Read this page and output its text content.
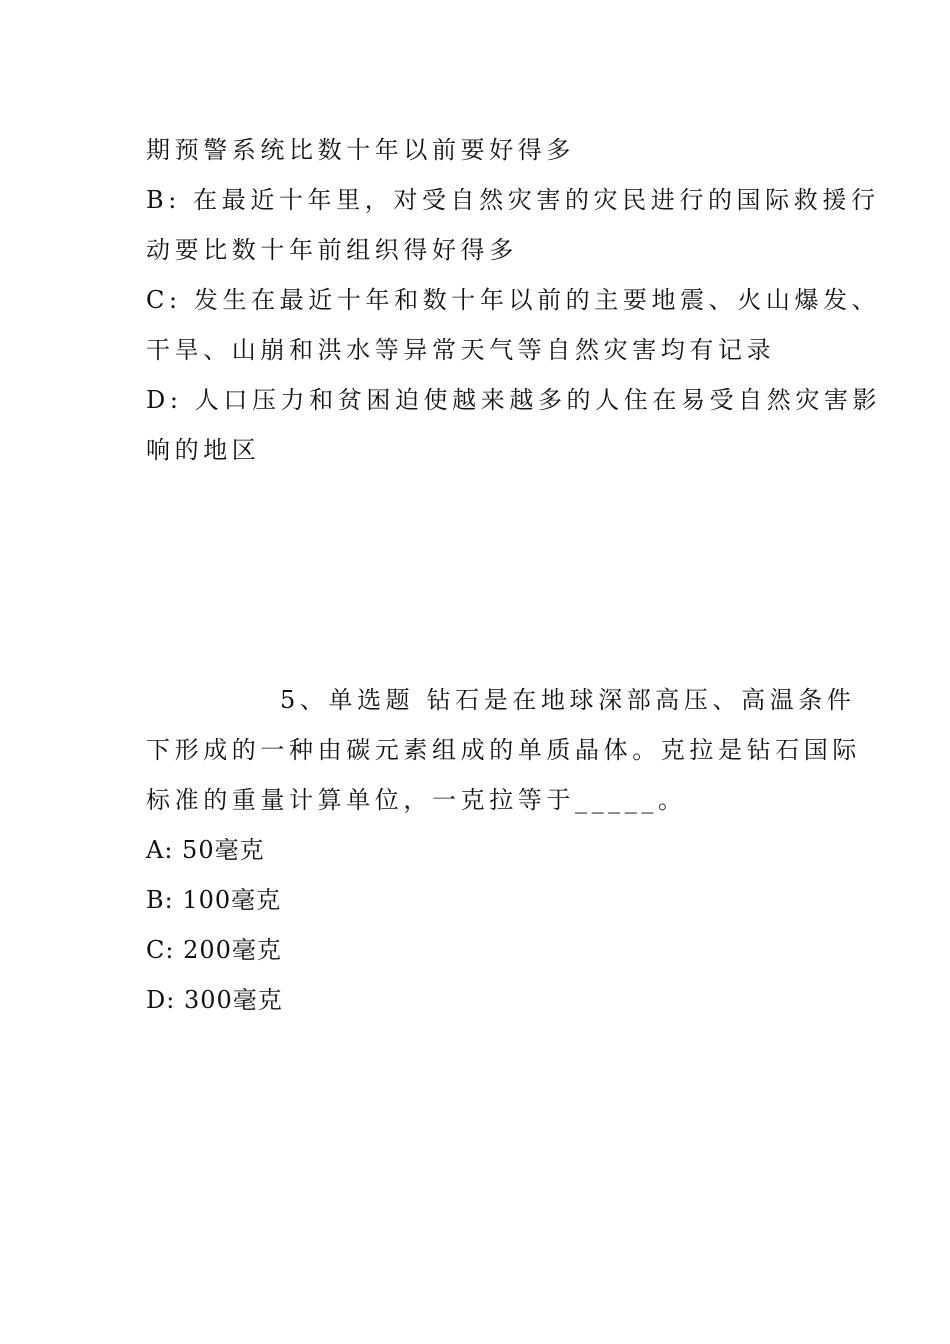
期预警系统比数十年以前要好得多
B: 在最近十年里，对受自然灾害的灾民进行的国际救援行
动要比数十年前组织得好得多
C: 发生在最近十年和数十年以前的主要地震、火山爆发、
干旱、山崩和洪水等异常天气等自然灾害均有记录
D: 人口压力和贫困迫使越来越多的人住在易受自然灾害影
响的地区
5、单选题 钻石是在地球深部高压、高温条件
下形成的一种由碳元素组成的单质晶体。克拉是钻石国际
标准的重量计算单位，一克拉等于_____。
A: 50毫克
B: 100毫克
C: 200毫克
D: 300毫克
